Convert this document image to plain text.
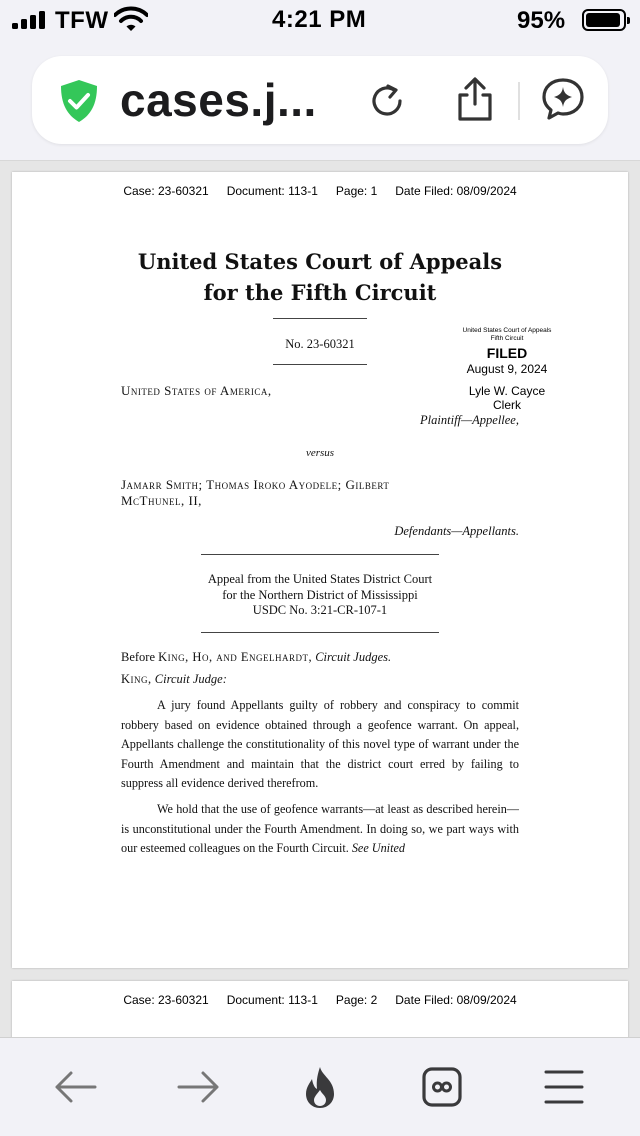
TFW	4:21 PM	95%
cases.j...
Case: 23-60321 Document: 113-1 Page: 1 Date Filed: 08/09/2024
United States Court of Appeals
for the Fifth Circuit
No. 23-60321
United States Court of Appeals
Fifth Circuit
FILED
August 9, 2024
Lyle W. Cayce
Clerk
United States of America,
Plaintiff—Appellee,
versus
Jamarr Smith; Thomas Iroko Ayodele; Gilbert
McThunel, II,
Defendants—Appellants.
Appeal from the United States District Court
for the Northern District of Mississippi
USDC No. 3:21-CR-107-1
Before King, Ho, and Engelhardt, Circuit Judges.
King, Circuit Judge:
A jury found Appellants guilty of robbery and conspiracy to commit robbery based on evidence obtained through a geofence warrant. On appeal, Appellants challenge the constitutionality of this novel type of warrant under the Fourth Amendment and maintain that the district court erred by failing to suppress all evidence derived therefrom.
We hold that the use of geofence warrants—at least as described herein—is unconstitutional under the Fourth Amendment. In doing so, we part ways with our esteemed colleagues on the Fourth Circuit. See United
Case: 23-60321 Document: 113-1 Page: 2 Date Filed: 08/09/2024
